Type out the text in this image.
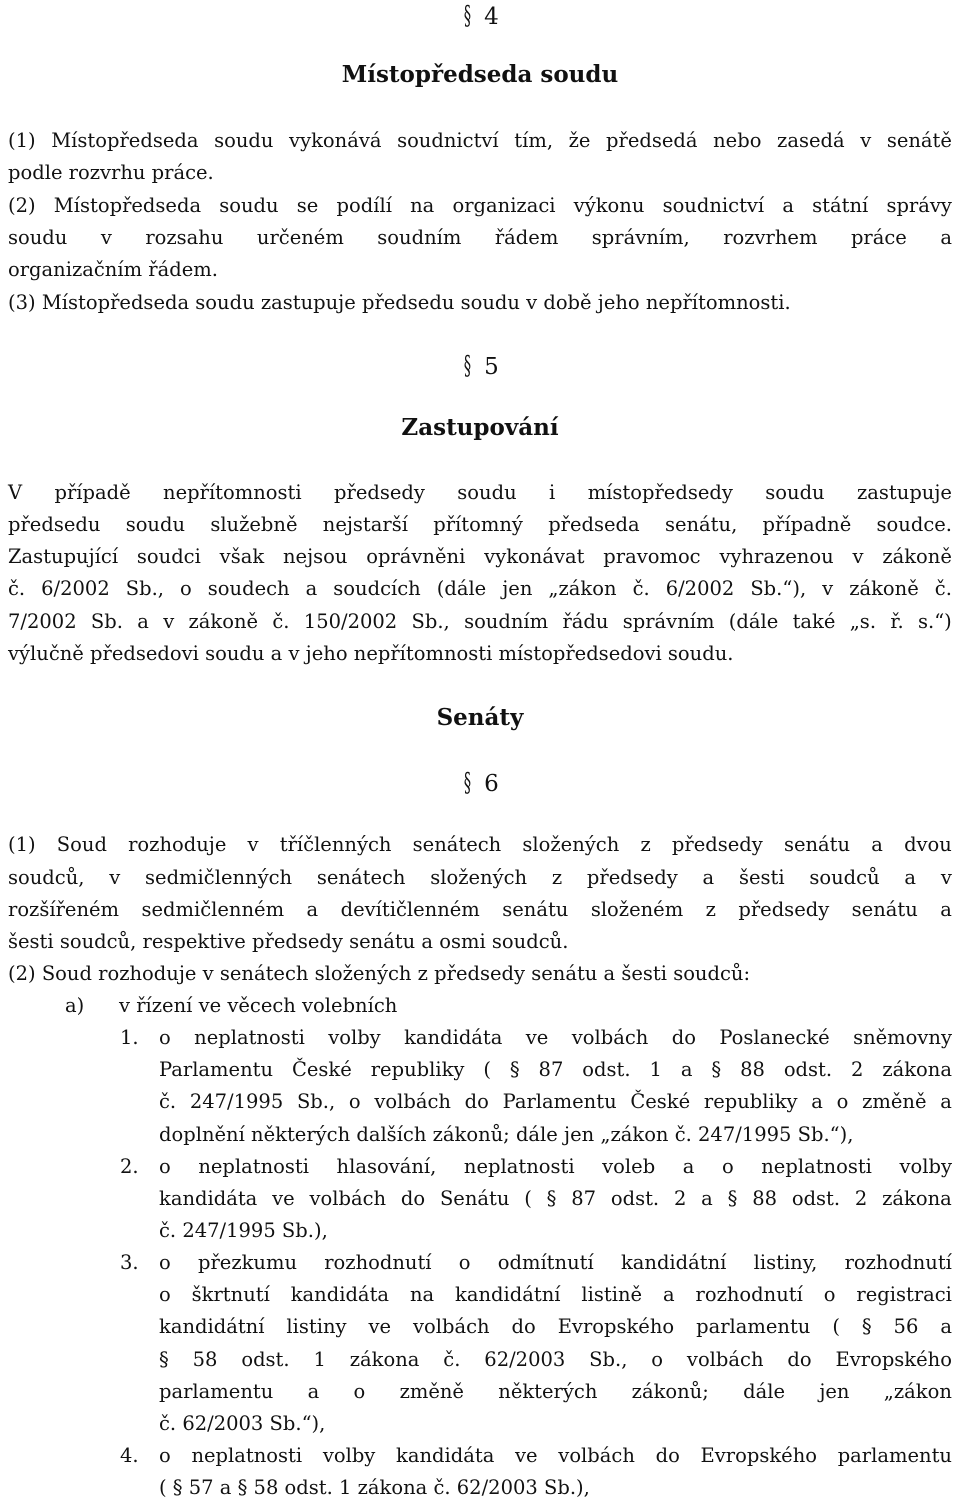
§ 4
Místopředseda soudu
(1) Místopředseda soudu vykonává soudnictví tím, že předsedá nebo zasedá v senátě
podle rozvrhu práce.
(2) Místopředseda soudu se podílí na organizaci výkonu soudnictví a státní správy
soudu v rozsahu určeném soudním řádem správním, rozvrhem práce a
organizačním řádem.
(3) Místopředseda soudu zastupuje předsedu soudu v době jeho nepřítomnosti.
§ 5
Zastupování
V případě nepřítomnosti předsedy soudu i místopředsedy soudu zastupuje
předsedu soudu služebně nejstarší přítomný předseda senátu, případně soudce.
Zastupující soudci však nejsou oprávněni vykonávat pravomoc vyhrazenou v zákoně
č. 6/2002 Sb., o soudech a soudcích (dále jen „zákon č. 6/2002 Sb.“), v zákoně č.
7/2002 Sb. a v zákoně č. 150/2002 Sb., soudním řádu správním (dále také „s. ř. s.“)
výlučně předsedovi soudu a v jeho nepřítomnosti místopředsedovi soudu.
Senáty
§ 6
(1) Soud rozhoduje v tříčlenných senátech složených z předsedy senátu a dvou
soudců, v sedmičlenných senátech složených z předsedy a šesti soudců a v
rozšířeném sedmičlenném a devítičlenném senátu složeném z předsedy senátu a
šesti soudců, respektive předsedy senátu a osmi soudců.
(2) Soud rozhoduje v senátech složených z předsedy senátu a šesti soudců:
a) v řízení ve věcech volebních
1. o neplatnosti volby kandidáta ve volbách do Poslanecké sněmovny
Parlamentu České republiky ( § 87 odst. 1 a § 88 odst. 2 zákona
č. 247/1995 Sb., o volbách do Parlamentu České republiky a o změně a
doplnění některých dalších zákonů; dále jen „zákon č. 247/1995 Sb.“),
2. o neplatnosti hlasování, neplatnosti voleb a o neplatnosti volby
kandidáta ve volbách do Senátu ( § 87 odst. 2 a § 88 odst. 2 zákona
č. 247/1995 Sb.),
3. o přezkumu rozhodnutí o odmítnutí kandidátní listiny, rozhodnutí
o škrtnutí kandidáta na kandidátní listině a rozhodnutí o registraci
kandidátní listiny ve volbách do Evropského parlamentu ( § 56 a
§ 58 odst. 1 zákona č. 62/2003 Sb., o volbách do Evropského
parlamentu a o změně některých zákonů; dále jen „zákon
č. 62/2003 Sb.“),
4. o neplatnosti volby kandidáta ve volbách do Evropského parlamentu
( § 57 a § 58 odst. 1 zákona č. 62/2003 Sb.),
